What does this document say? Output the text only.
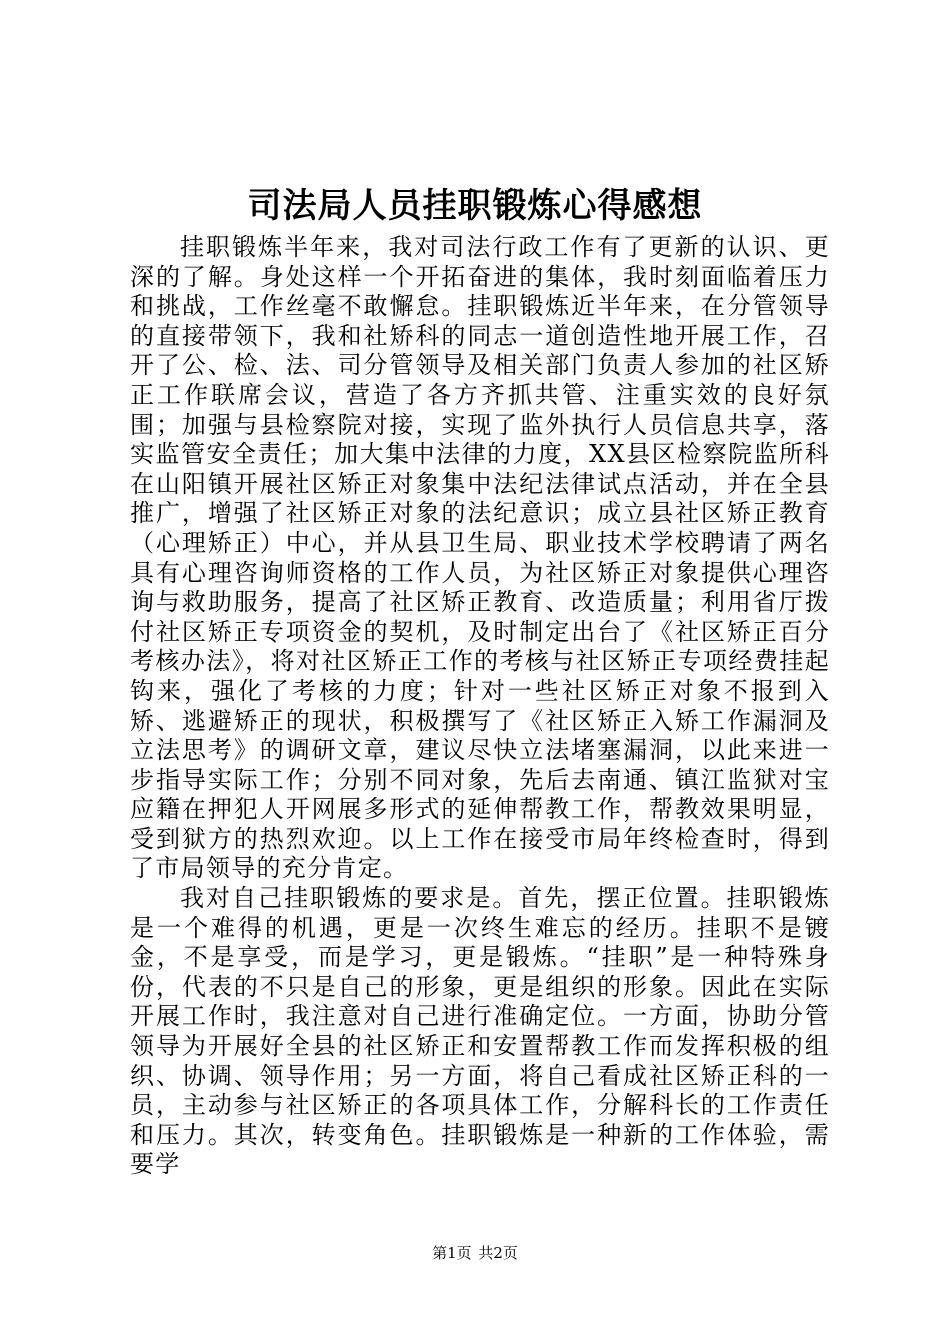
司法局人员挂职锻炼心得感想

挂职锻炼半年来，我对司法行政工作有了更新的认识、更深的了解。身处这样一个开拓奋进的集体，我时刻面临着压力和挑战，工作丝毫不敢懈怠。挂职锻炼近半年来，在分管领导的直接带领下，我和社矫科的同志一道创造性地开展工作，召开了公、检、法、司分管领导及相关部门负责人参加的社区矫正工作联席会议，营造了各方齐抓共管、注重实效的良好氛围；加强与县检察院对接，实现了监外执行人员信息共享，落实监管安全责任；加大集中法律的力度，XX县区检察院监所科在山阳镇开展社区矫正对象集中法纪法律试点活动，并在全县推广，增强了社区矫正对象的法纪意识；成立县社区矫正教育（心理矫正）中心，并从县卫生局、职业技术学校聘请了两名具有心理咨询师资格的工作人员，为社区矫正对象提供心理咨询与救助服务，提高了社区矫正教育、改造质量；利用省厅拨付社区矫正专项资金的契机，及时制定出台了《社区矫正百分考核办法》，将对社区矫正工作的考核与社区矫正专项经费挂起钩来，强化了考核的力度；针对一些社区矫正对象不报到入矫、逃避矫正的现状，积极撰写了《社区矫正入矫工作漏洞及立法思考》的调研文章，建议尽快立法堵塞漏洞，以此来进一步指导实际工作；分别不同对象，先后去南通、镇江监狱对宝应籍在押犯人开网展多形式的延伸帮教工作，帮教效果明显，受到狱方的热烈欢迎。以上工作在接受市局年终检查时，得到了市局领导的充分肯定。

我对自己挂职锻炼的要求是。首先，摆正位置。挂职锻炼是一个难得的机遇，更是一次终生难忘的经历。挂职不是镀金，不是享受，而是学习，更是锻炼。“挂职”是一种特殊身份，代表的不只是自己的形象，更是组织的形象。因此在实际开展工作时，我注意对自己进行准确定位。一方面，协助分管领导为开展好全县的社区矫正和安置帮教工作而发挥积极的组织、协调、领导作用；另一方面，将自己看成社区矫正科的一员，主动参与社区矫正的各项具体工作，分解科长的工作责任和压力。其次，转变角色。挂职锻炼是一种新的工作体验，需要学

第1页 共2页
